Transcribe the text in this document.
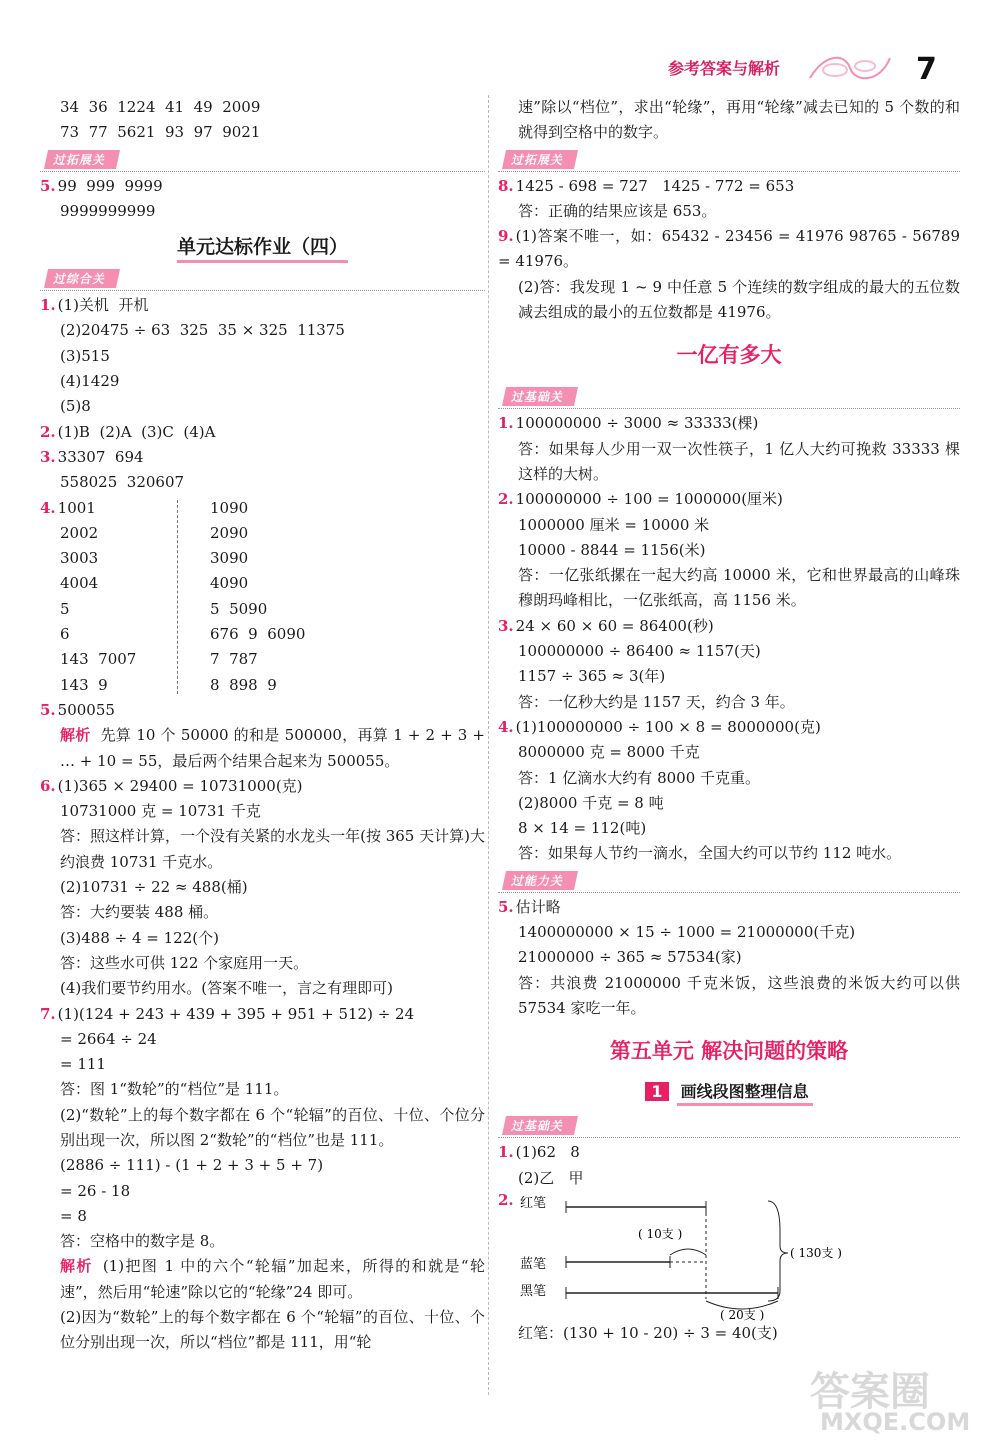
参考答案与解析	7
34  36  1224  41  49  2009
73  77  5621  93  97  9021
过拓展关
5. 99  999  9999
9999999999
单元达标作业（四）
过综合关
1. (1)关机  开机
(2)20475 ÷ 63  325  35 × 325  11375
(3)515
(4)1429
(5)8
2. (1)B  (2)A  (3)C  (4)A
3. 33307  694
558025  320607
4. 1001
2002
3003
4004
5
6
143  7007
143  9
1090
2090
3090
4090
5  5090
676  9  6090
7  787
8  898  9
5. 500055
解析 先算 10 个 50000 的和是 500000，再算 1 + 2 + 3 + … + 10 = 55，最后两个结果合起来为 500055。
6. (1)365 × 29400 = 10731000(克)
10731000 克 = 10731 千克
答：照这样计算，一个没有关紧的水龙头一年(按 365 天计算)大约浪费 10731 千克水。
(2)10731 ÷ 22 ≈ 488(桶)
答：大约要装 488 桶。
(3)488 ÷ 4 = 122(个)
答：这些水可供 122 个家庭用一天。
(4)我们要节约用水。(答案不唯一，言之有理即可)
7. (1)(124 + 243 + 439 + 395 + 951 + 512) ÷ 24
= 2664 ÷ 24
= 111
答：图 1“数轮”的“档位”是 111。
(2)“数轮”上的每个数字都在 6 个“轮辐”的百位、十位、个位分别出现一次，所以图 2“数轮”的“档位”也是 111。
(2886 ÷ 111) - (1 + 2 + 3 + 5 + 7)
= 26 - 18
= 8
答：空格中的数字是 8。
解析 (1)把图 1 中的六个“轮辐”加起来，所得的和就是“轮速”，然后用“轮速”除以它的“轮缘”24 即可。
(2)因为“数轮”上的每个数字都在 6 个“轮辐”的百位、十位、个位分别出现一次，所以“档位”都是 111，用“轮
速”除以“档位”，求出“轮缘”，再用“轮缘”减去已知的 5 个数的和就得到空格中的数字。
过拓展关
8. 1425 - 698 = 727   1425 - 772 = 653
答：正确的结果应该是 653。
9. (1)答案不唯一，如：65432 - 23456 = 41976 98765 - 56789 = 41976。
(2)答：我发现 1 ~ 9 中任意 5 个连续的数字组成的最大的五位数减去组成的最小的五位数都是 41976。
一亿有多大
过基础关
1. 100000000 ÷ 3000 ≈ 33333(棵)
答：如果每人少用一双一次性筷子，1 亿人大约可挽救 33333 棵这样的大树。
2. 100000000 ÷ 100 = 1000000(厘米)
1000000 厘米 = 10000 米
10000 - 8844 = 1156(米)
答：一亿张纸摞在一起大约高 10000 米，它和世界最高的山峰珠穆朗玛峰相比，一亿张纸高，高 1156 米。
3. 24 × 60 × 60 = 86400(秒)
100000000 ÷ 86400 ≈ 1157(天)
1157 ÷ 365 ≈ 3(年)
答：一亿秒大约是 1157 天，约合 3 年。
4. (1)100000000 ÷ 100 × 8 = 8000000(克)
8000000 克 = 8000 千克
答：1 亿滴水大约有 8000 千克重。
(2)8000 千克 = 8 吨
8 × 14 = 112(吨)
答：如果每人节约一滴水，全国大约可以节约 112 吨水。
过能力关
5. 估计略
1400000000 × 15 ÷ 1000 = 21000000(千克)
21000000 ÷ 365 ≈ 57534(家)
答：共浪费 21000000 千克米饭，这些浪费的米饭大约可以供 57534 家吃一年。
第五单元 解决问题的策略
1 画线段图整理信息
过基础关
1. (1)62   8
(2)乙   甲
2. 红笔
蓝笔
黑笔
( 10支 )
( 130支 )
( 20支 )
红笔：(130 + 10 - 20) ÷ 3 = 40(支)
答案圈
MXQE.COM
